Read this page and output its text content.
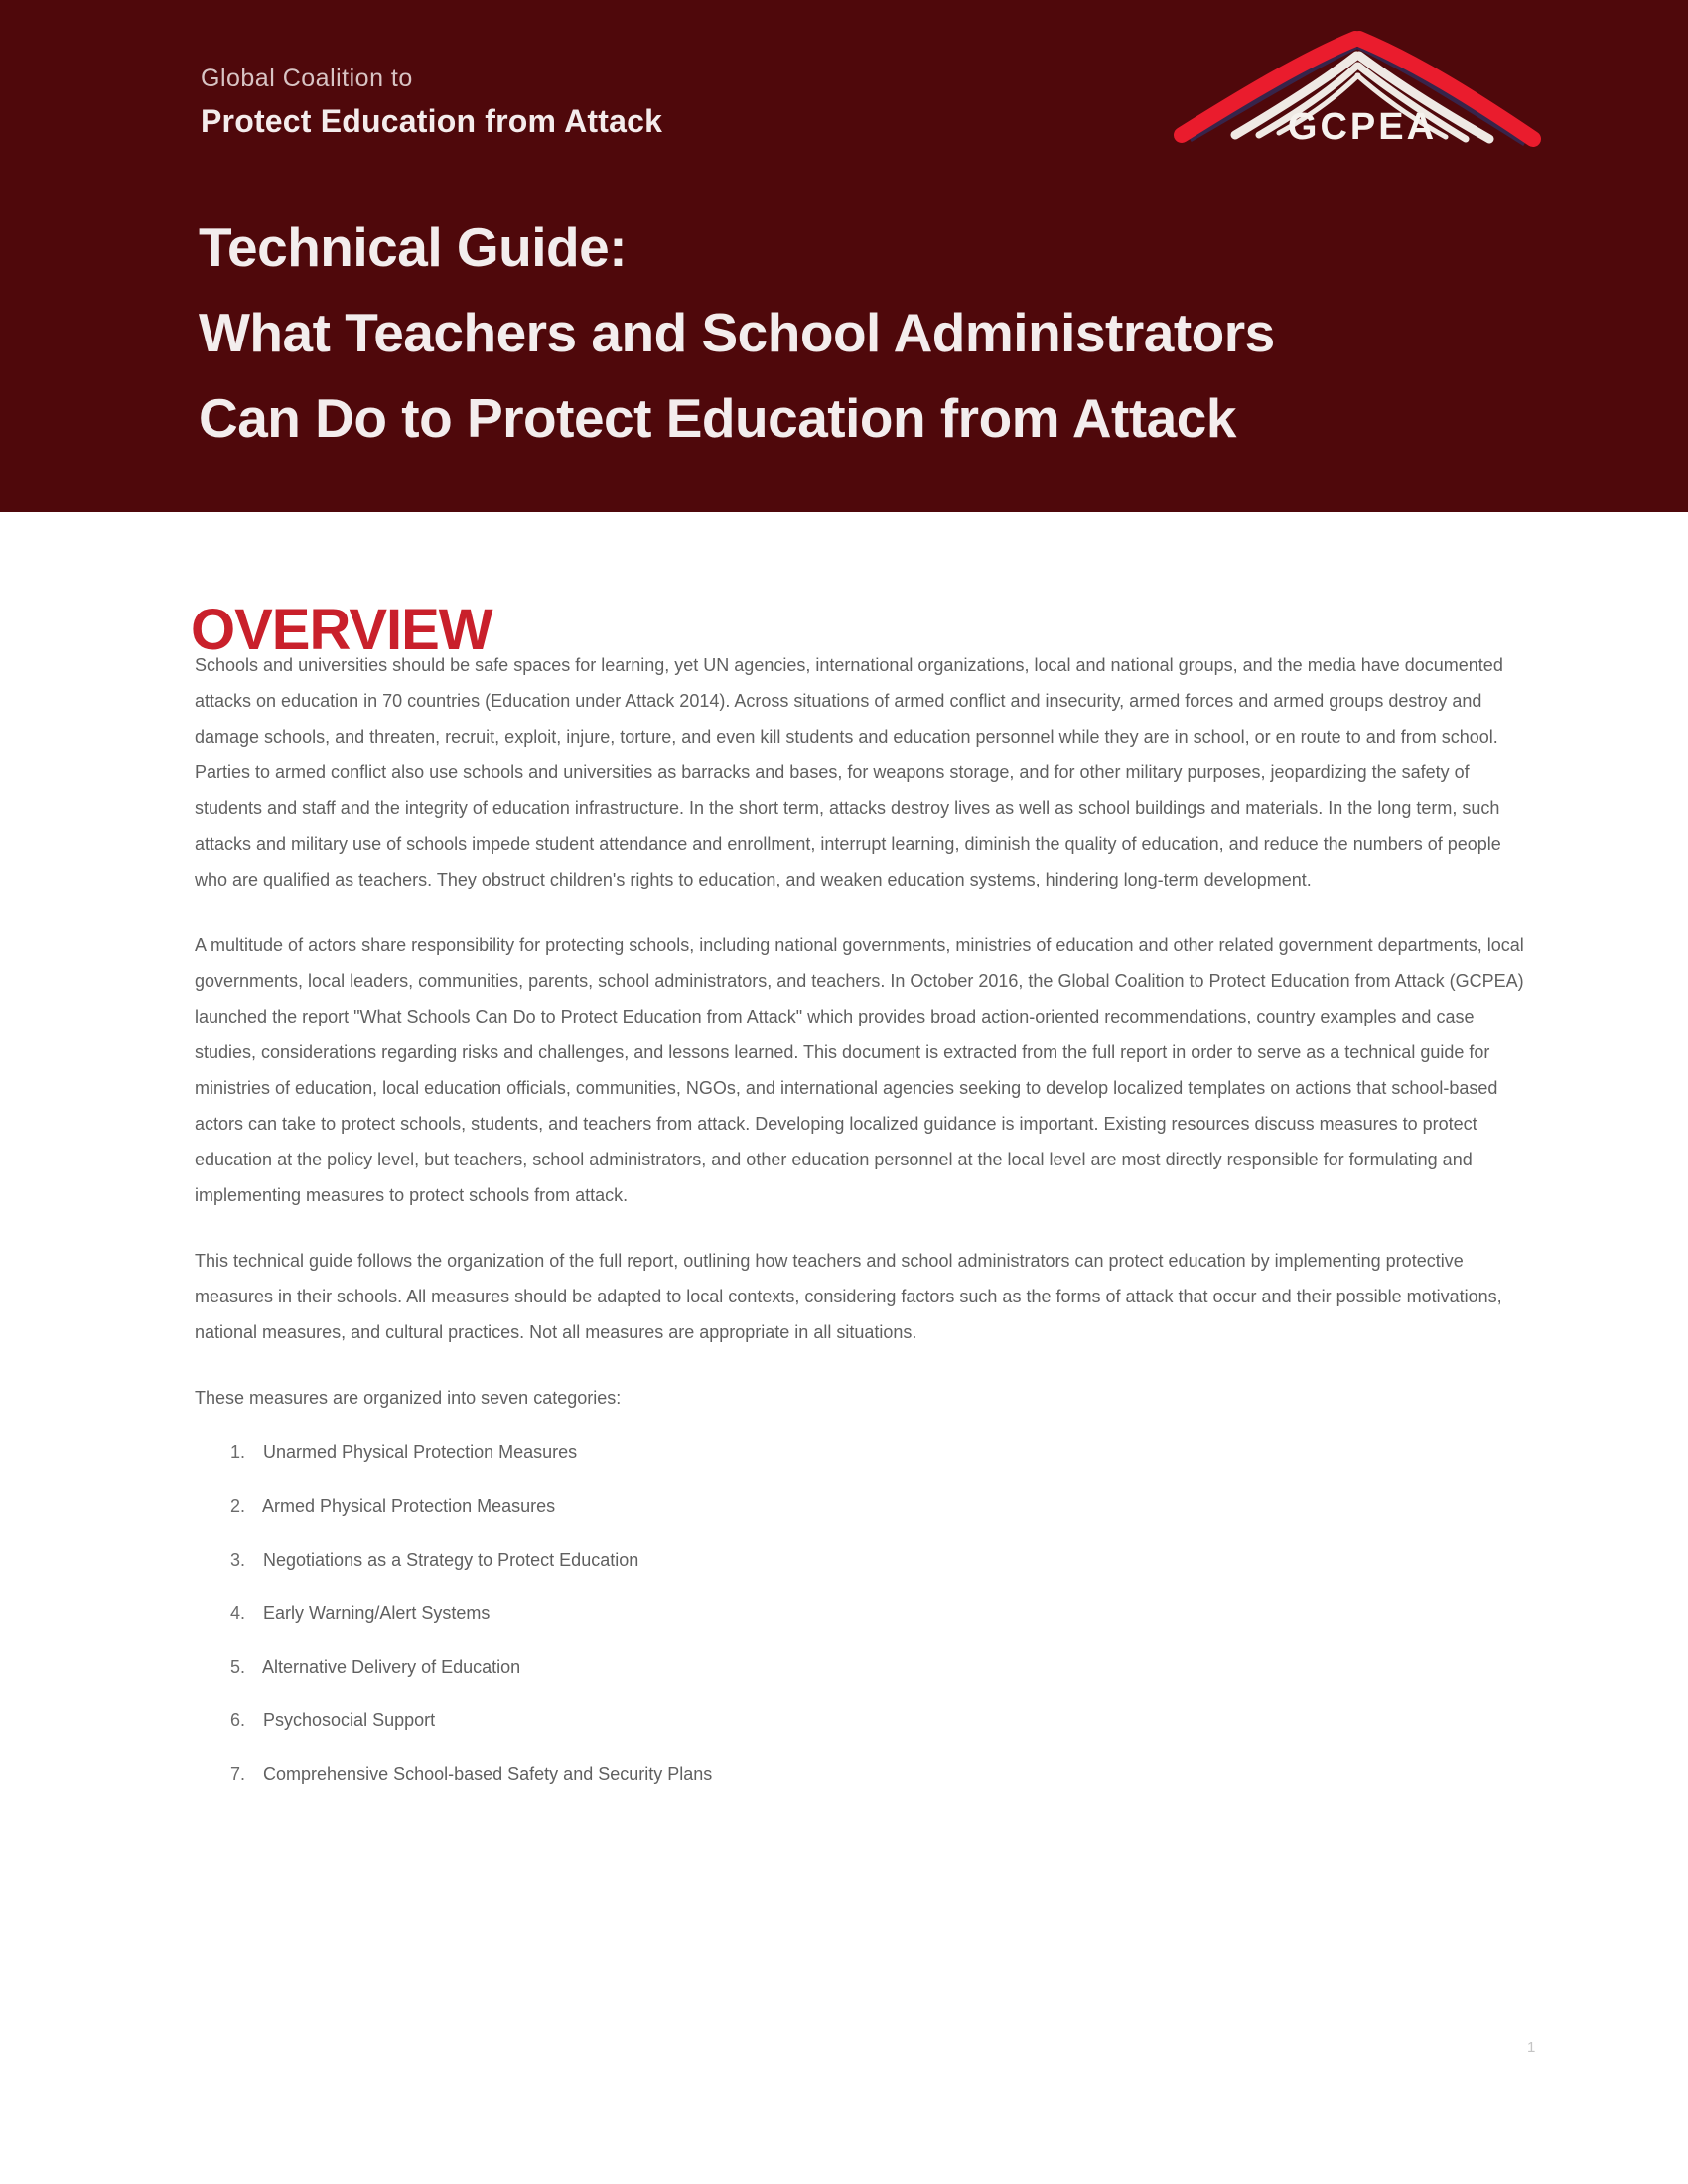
Global Coalition to
Protect Education from Attack	GCPEA
Technical Guide:
What Teachers and School Administrators
Can Do to Protect Education from Attack
OVERVIEW

Schools and universities should be safe spaces for learning, yet UN agencies, international organizations, local and national groups, and the media have documented attacks on education in 70 countries (Education under Attack 2014). Across situations of armed conflict and insecurity, armed forces and armed groups destroy and damage schools, and threaten, recruit, exploit, injure, torture, and even kill students and education personnel while they are in school, or en route to and from school. Parties to armed conflict also use schools and universities as barracks and bases, for weapons storage, and for other military purposes, jeopardizing the safety of students and staff and the integrity of education infrastructure. In the short term, attacks destroy lives as well as school buildings and materials. In the long term, such attacks and military use of schools impede student attendance and enrollment, interrupt learning, diminish the quality of education, and reduce the numbers of people who are qualified as teachers. They obstruct children's rights to education, and weaken education systems, hindering long-term development.

A multitude of actors share responsibility for protecting schools, including national governments, ministries of education and other related government departments, local governments, local leaders, communities, parents, school administrators, and teachers. In October 2016, the Global Coalition to Protect Education from Attack (GCPEA) launched the report "What Schools Can Do to Protect Education from Attack" which provides broad action-oriented recommendations, country examples and case studies, considerations regarding risks and challenges, and lessons learned. This document is extracted from the full report in order to serve as a technical guide for ministries of education, local education officials, communities, NGOs, and international agencies seeking to develop localized templates on actions that school-based actors can take to protect schools, students, and teachers from attack. Developing localized guidance is important. Existing resources discuss measures to protect education at the policy level, but teachers, school administrators, and other education personnel at the local level are most directly responsible for formulating and implementing measures to protect schools from attack.

This technical guide follows the organization of the full report, outlining how teachers and school administrators can protect education by implementing protective measures in their schools. All measures should be adapted to local contexts, considering factors such as the forms of attack that occur and their possible motivations, national measures, and cultural practices. Not all measures are appropriate in all situations.

These measures are organized into seven categories:

1. Unarmed Physical Protection Measures
2. Armed Physical Protection Measures
3. Negotiations as a Strategy to Protect Education
4. Early Warning/Alert Systems
5. Alternative Delivery of Education
6. Psychosocial Support
7. Comprehensive School-based Safety and Security Plans
1
